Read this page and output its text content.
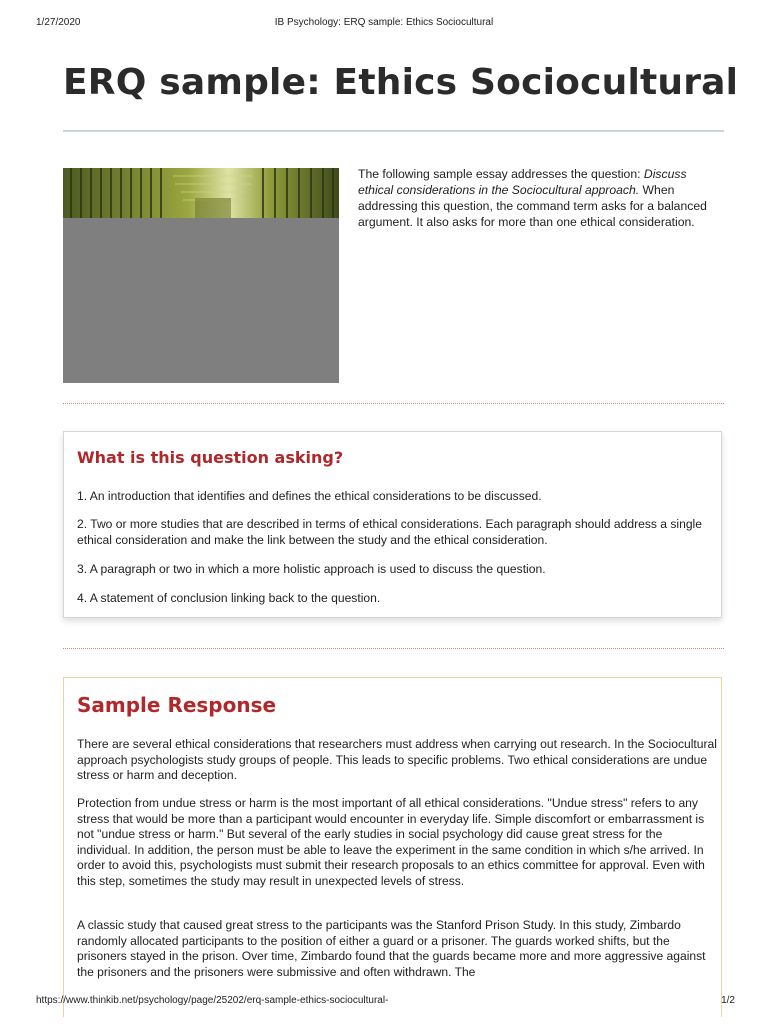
1/27/2020	IB Psychology: ERQ sample: Ethics Sociocultural
ERQ sample: Ethics Sociocultural
The following sample essay addresses the question: Discuss ethical considerations in the Sociocultural approach. When addressing this question, the command term asks for a balanced argument. It also asks for more than one ethical consideration.
What is this question asking?

1. An introduction that identifies and defines the ethical considerations to be discussed.

2. Two or more studies that are described in terms of ethical considerations. Each paragraph should address a single ethical consideration and make the link between the study and the ethical consideration.

3. A paragraph or two in which a more holistic approach is used to discuss the question.

4. A statement of conclusion linking back to the question.

Sample Response

There are several ethical considerations that researchers must address when carrying out research. In the Sociocultural approach psychologists study groups of people. This leads to specific problems. Two ethical considerations are undue stress or harm and deception.

Protection from undue stress or harm is the most important of all ethical considerations. "Undue stress" refers to any stress that would be more than a participant would encounter in everyday life. Simple discomfort or embarrassment is not "undue stress or harm." But several of the early studies in social psychology did cause great stress for the individual. In addition, the person must be able to leave the experiment in the same condition in which s/he arrived. In order to avoid this, psychologists must submit their research proposals to an ethics committee for approval. Even with this step, sometimes the study may result in unexpected levels of stress.

A classic study that caused great stress to the participants was the Stanford Prison Study. In this study, Zimbardo randomly allocated participants to the position of either a guard or a prisoner. The guards worked shifts, but the prisoners stayed in the prison. Over time, Zimbardo found that the guards became more and more aggressive against the prisoners and the prisoners were submissive and often withdrawn. The

https://www.thinkib.net/psychology/page/25202/erq-sample-ethics-sociocultural-	1/2
